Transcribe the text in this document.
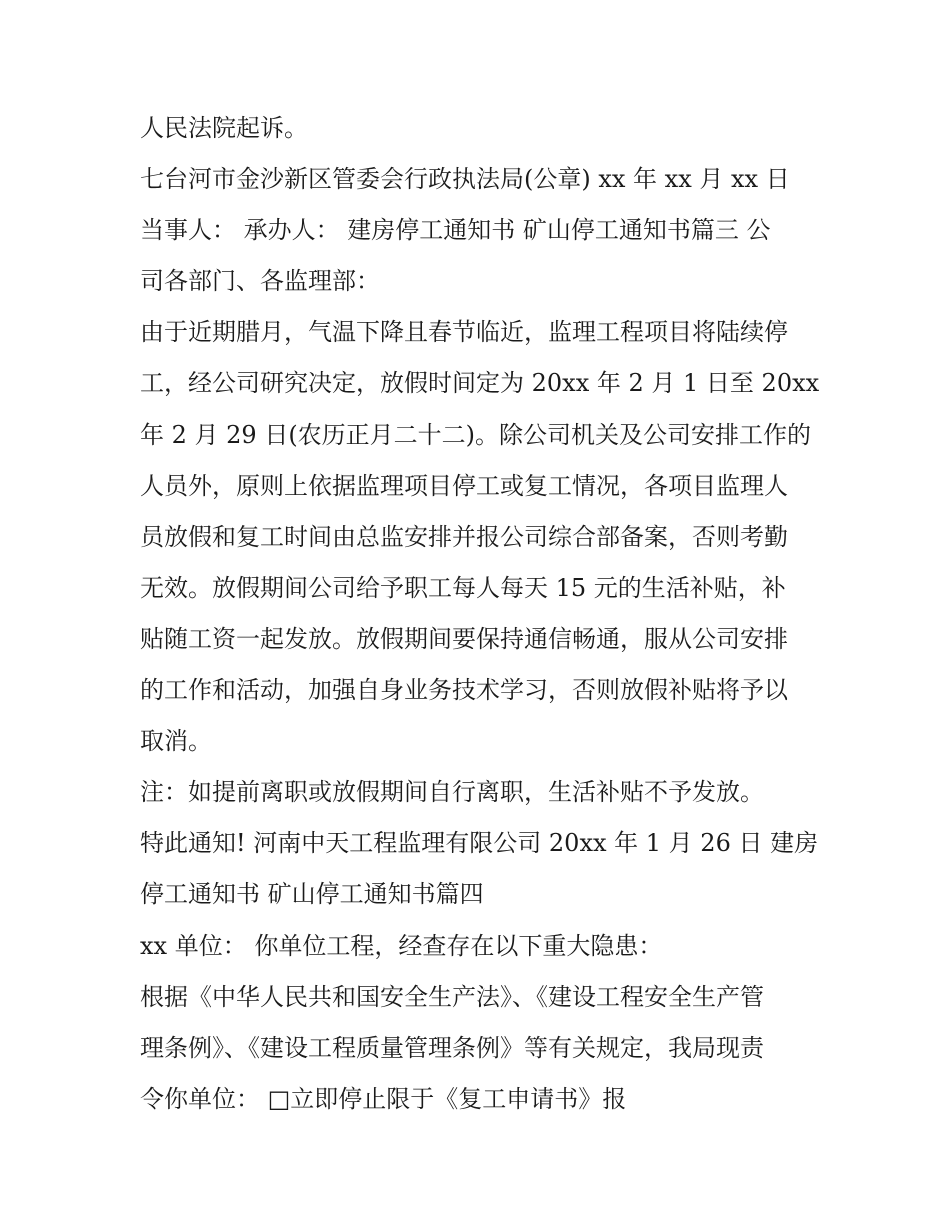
人民法院起诉。
七台河市金沙新区管委会行政执法局(公章) xx 年 xx 月 xx 日
当事人： 承办人： 建房停工通知书 矿山停工通知书篇三 公
司各部门、各监理部：
由于近期腊月，气温下降且春节临近，监理工程项目将陆续停
工，经公司研究决定，放假时间定为 20xx 年 2 月 1 日至 20xx
年 2 月 29 日(农历正月二十二)。除公司机关及公司安排工作的
人员外，原则上依据监理项目停工或复工情况，各项目监理人
员放假和复工时间由总监安排并报公司综合部备案，否则考勤
无效。放假期间公司给予职工每人每天 15 元的生活补贴，补
贴随工资一起发放。放假期间要保持通信畅通，服从公司安排
的工作和活动，加强自身业务技术学习，否则放假补贴将予以
取消。
注：如提前离职或放假期间自行离职，生活补贴不予发放。
特此通知! 河南中天工程监理有限公司 20xx 年 1 月 26 日 建房
停工通知书 矿山停工通知书篇四
xx 单位： 你单位工程，经查存在以下重大隐患：
根据《中华人民共和国安全生产法》、《建设工程安全生产管
理条例》、《建设工程质量管理条例》等有关规定，我局现责
令你单位： □立即停止限于《复工申请书》报
